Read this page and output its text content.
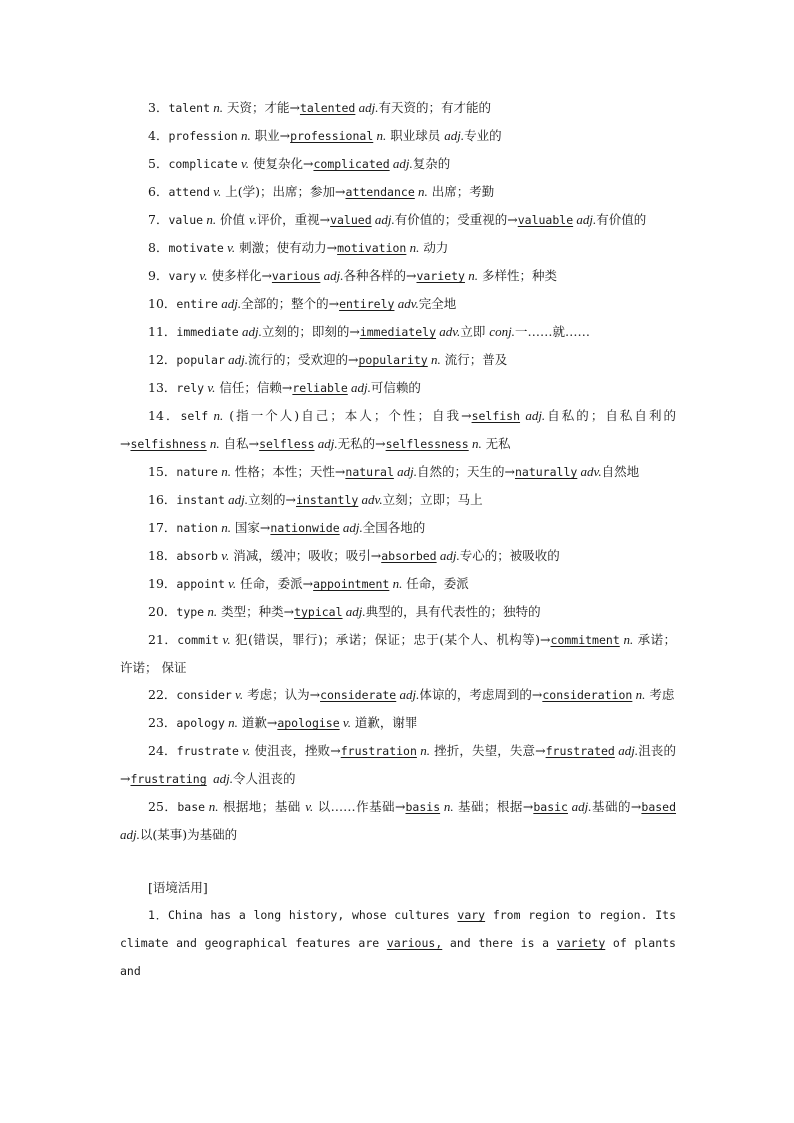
3．talent n. 天资；才能→talented adj.有天资的；有才能的
4．profession n. 职业→professional n. 职业球员 adj.专业的
5．complicate v. 使复杂化→complicated adj.复杂的
6．attend v. 上(学)；出席；参加→attendance n. 出席；考勤
7．value n. 价值 v.评价，重视→valued adj.有价值的；受重视的→valuable adj.有价值的
8．motivate v. 刺激；使有动力→motivation n. 动力
9．vary v. 使多样化→various adj.各种各样的→variety n. 多样性；种类
10．entire adj.全部的；整个的→entirely adv.完全地
11．immediate adj.立刻的；即刻的→immediately adv.立即 conj.一……就……
12．popular adj.流行的；受欢迎的→popularity n. 流行；普及
13．rely v. 信任；信赖→reliable adj.可信赖的
14．self n. (指一个人)自己；本人；个性；自我→selfish adj.自私的；自私自利的→selfishness n. 自私→selfless adj.无私的→selflessness n. 无私
15．nature n. 性格；本性；天性→natural adj.自然的；天生的→naturally adv.自然地
16．instant adj.立刻的→instantly adv.立刻；立即；马上
17．nation n. 国家→nationwide adj.全国各地的
18．absorb v. 消减，缓冲；吸收；吸引→absorbed adj.专心的；被吸收的
19．appoint v. 任命，委派→appointment n. 任命，委派
20．type n. 类型；种类→typical adj.典型的，具有代表性的；独特的
21．commit v. 犯(错误，罪行)；承诺；保证；忠于(某个人、机构等)→commitment n. 承诺； 许诺； 保证
22．consider v. 考虑；认为→considerate adj.体谅的，考虑周到的→consideration n. 考虑
23．apology n. 道歉→apologise v. 道歉，谢罪
24．frustrate v. 使沮丧，挫败→frustration n. 挫折，失望，失意→frustrated adj.沮丧的→frustrating  adj.令人沮丧的
25．base n. 根据地；基础 v. 以……作基础→basis n. 基础；根据→basic adj.基础的→based adj.以(某事)为基础的
[语境活用]
1．China has a long history, whose cultures vary from region to region. Its climate and geographical features are various, and there is a variety of plants and
